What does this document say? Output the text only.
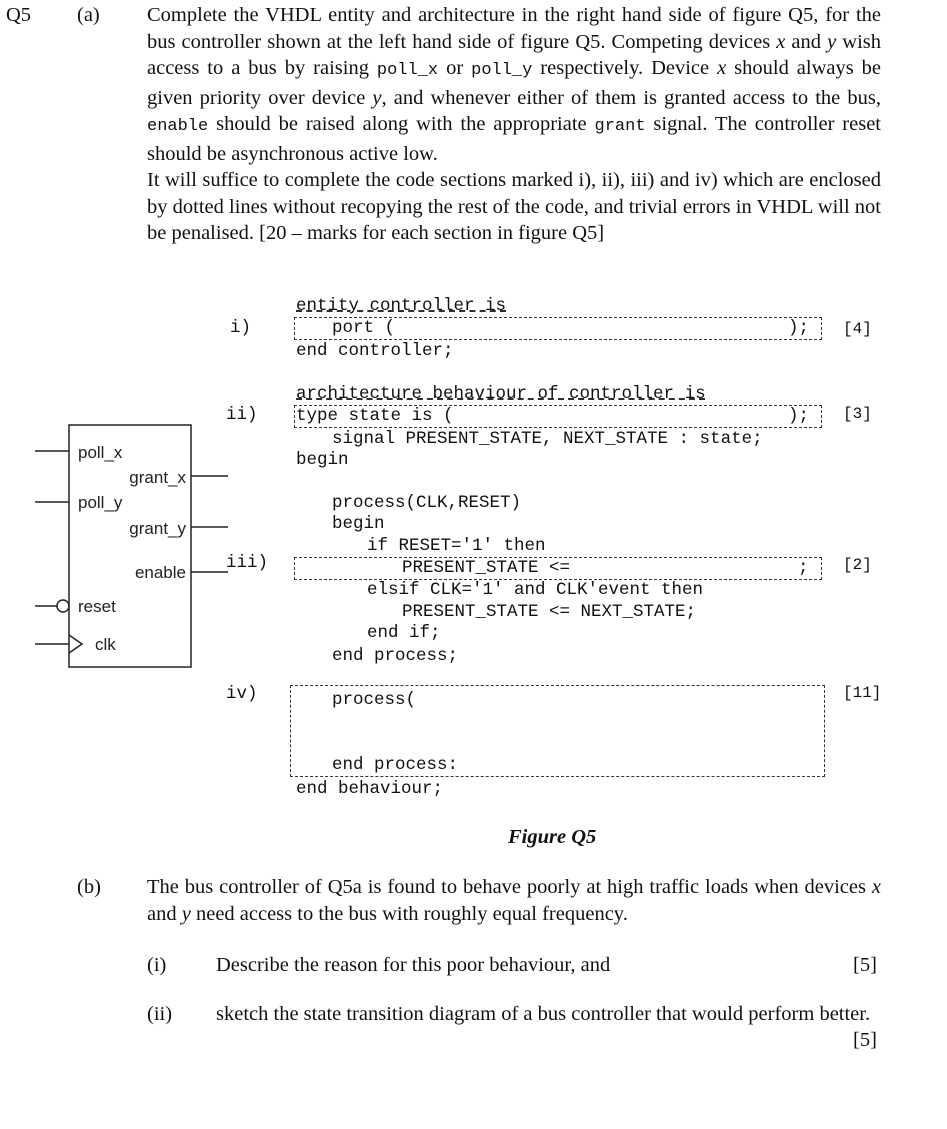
Q5 (a) Complete the VHDL entity and architecture in the right hand side of figure Q5, for the bus controller shown at the left hand side of figure Q5. Competing devices x and y wish access to a bus by raising poll_x or poll_y respectively. Device x should always be given priority over device y, and whenever either of them is granted access to the bus, enable should be raised along with the appropriate grant signal. The controller reset should be asynchronous active low.

It will suffice to complete the code sections marked i), ii), iii) and iv) which are enclosed by dotted lines without recopying the rest of the code, and trivial errors in VHDL will not be penalised. [20 – marks for each section in figure Q5]

poll_x
poll_y
reset
clk
grant_x
grant_y
enable
i)
ii)
iii)
iv)
[4]
[3]
[2]
[11]
entity controller is
port (	);
end controller;
architecture behaviour of controller is
type state is (	);
signal PRESENT_STATE, NEXT_STATE : state;
begin
process(CLK,RESET)
begin
if RESET='1' then
PRESENT_STATE <=	;
elsif CLK='1' and CLK'event then
PRESENT_STATE <= NEXT_STATE;
end if;
end process;
process(
end process:
end behaviour;
Figure Q5
(b) The bus controller of Q5a is found to behave poorly at high traffic loads when devices x and y need access to the bus with roughly equal frequency.
(i) Describe the reason for this poor behaviour, and	[5]
(ii) sketch the state transition diagram of a bus controller that would perform better.
[5]
